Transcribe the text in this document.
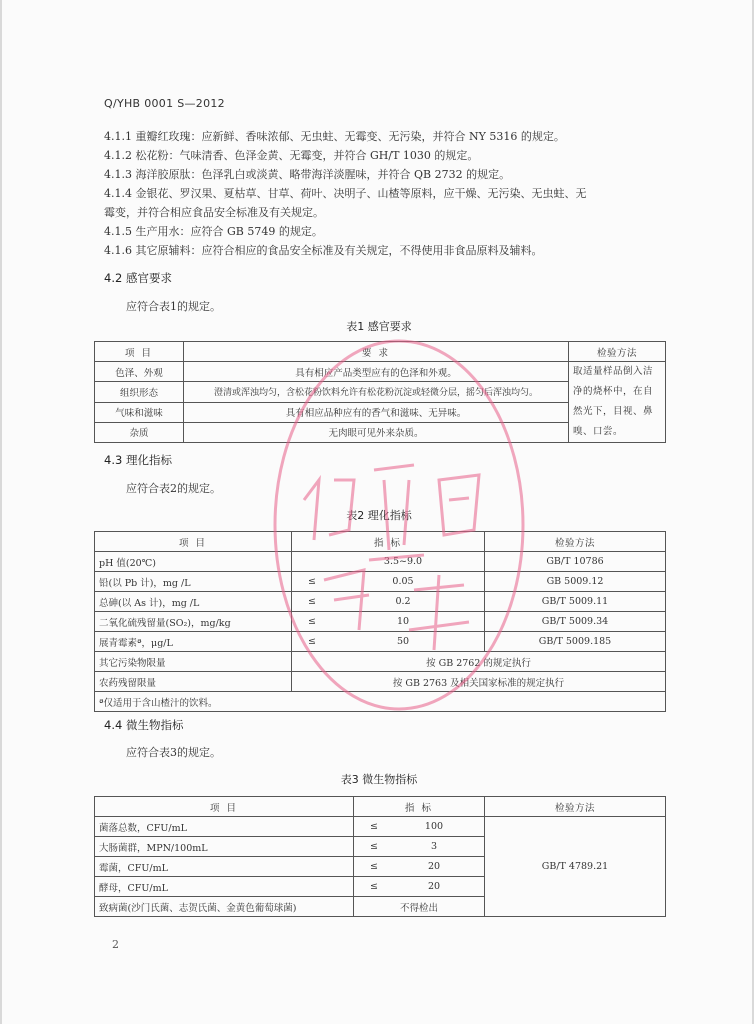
Q/YHB 0001 S—2012
4.1.1 重瓣红玫瑰：应新鲜、香味浓郁、无虫蛀、无霉变、无污染，并符合 NY 5316 的规定。
4.1.2 松花粉：气味清香、色泽金黄、无霉变，并符合 GH/T 1030 的规定。
4.1.3 海洋胶原肽：色泽乳白或淡黄、略带海洋淡腥味，并符合 QB 2732 的规定。
4.1.4 金银花、罗汉果、夏枯草、甘草、荷叶、决明子、山楂等原料，应干燥、无污染、无虫蛀、无
霉变，并符合相应食品安全标准及有关规定。
4.1.5 生产用水：应符合 GB 5749 的规定。
4.1.6 其它原辅料：应符合相应的食品安全标准及有关规定，不得使用非食品原料及辅料。
4.2 感官要求
应符合表1的规定。
表1 感官要求
项 目	要 求	检验方法
色泽、外观	具有相应产品类型应有的色泽和外观。	取适量样品倒入洁净的烧杯中，在自然光下，目视、鼻嗅、口尝。
组织形态	澄清或浑浊均匀，含松花粉饮料允许有松花粉沉淀或轻微分层，摇匀后浑浊均匀。	
气味和滋味	具有相应品种应有的香气和滋味、无异味。	
杂质	无肉眼可见外来杂质。	
4.3 理化指标
应符合表2的规定。
表2 理化指标
项 目	指 标		检验方法
pH 值(20℃)		3.5~9.0	GB/T 10786
铅(以 Pb 计)，mg /L	≤	0.05	GB 5009.12
总砷(以 As 计)，mg /L	≤	0.2	GB/T 5009.11
二氧化硫残留量(SO₂)，mg/kg	≤	10	GB/T 5009.34
展青霉素ª，μg/L	≤	50	GB/T 5009.185
其它污染物限量	按 GB 2762 的规定执行		
农药残留限量	按 GB 2763 及相关国家标准的规定执行		
ª仅适用于含山楂汁的饮料。			
4.4 微生物指标
应符合表3的规定。
表3 微生物指标
项 目	指 标		检验方法
菌落总数，CFU/mL	≤	100	GB/T 4789.21
大肠菌群，MPN/100mL	≤	3	
霉菌，CFU/mL	≤	20	
酵母，CFU/mL	≤	20	
致病菌(沙门氏菌、志贺氏菌、金黄色葡萄球菌)	不得检出		
2
